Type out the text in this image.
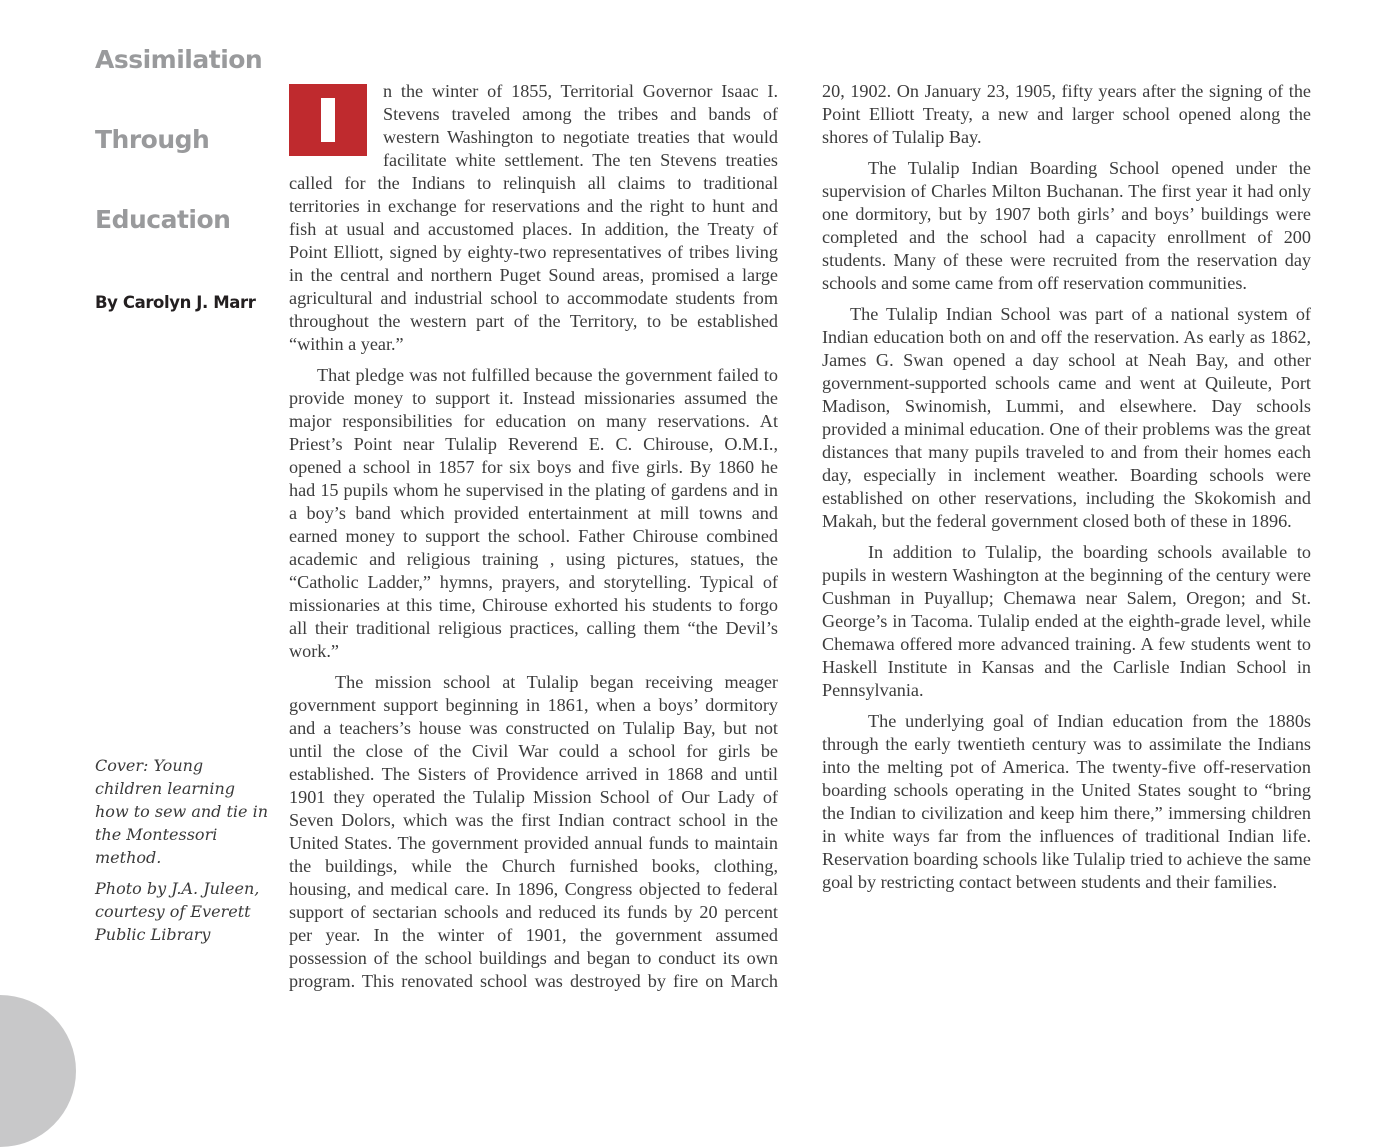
Assimilation
Through
Education
By Carolyn J. Marr

Cover: Young children learning how to sew and tie in the Montessori method.

Photo by J.A. Juleen, courtesy of Everett Public Library

n the winter of 1855, Territorial Governor Isaac I. Stevens traveled among the tribes and bands of western Washington to negotiate treaties that would facilitate white settlement. The ten Stevens treaties called for the Indians to relinquish all claims to traditional territories in exchange for reservations and the right to hunt and fish at usual and accustomed places. In addition, the Treaty of Point Elliott, signed by eighty-two representatives of tribes living in the central and northern Puget Sound areas, promised a large agricultural and industrial school to accommodate students from throughout the western part of the Territory, to be established “within a year.”

That pledge was not fulfilled because the government failed to provide money to support it. Instead missionaries assumed the major responsibilities for education on many reservations. At Priest’s Point near Tulalip Reverend E. C. Chirouse, O.M.I., opened a school in 1857 for six boys and five girls. By 1860 he had 15 pupils whom he supervised in the plating of gardens and in a boy’s band which provided entertainment at mill towns and earned money to support the school. Father Chirouse combined academic and religious training , using pictures, statues, the “Catholic Ladder,” hymns, prayers, and storytelling. Typical of missionaries at this time, Chirouse exhorted his students to forgo all their traditional religious practices, calling them “the Devil’s work.”

The mission school at Tulalip began receiving meager government support beginning in 1861, when a boys’ dormitory and a teachers’s house was constructed on Tulalip Bay, but not until the close of the Civil War could a school for girls be established. The Sisters of Providence arrived in 1868 and until 1901 they operated the Tulalip Mission School of Our Lady of Seven Dolors, which was the first Indian contract school in the United States. The government provided annual funds to maintain the buildings, while the Church furnished books, clothing, housing, and medical care. In 1896, Congress objected to federal support of sectarian schools and reduced its funds by 20 percent per year. In the winter of 1901, the government assumed possession of the school buildings and began to conduct its own program. This renovated school was destroyed by fire on March

20, 1902. On January 23, 1905, fifty years after the signing of the Point Elliott Treaty, a new and larger school opened along the shores of Tulalip Bay.

The Tulalip Indian Boarding School opened under the supervision of Charles Milton Buchanan. The first year it had only one dormitory, but by 1907 both girls’ and boys’ buildings were completed and the school had a capacity enrollment of 200 students. Many of these were recruited from the reservation day schools and some came from off reservation communities.

The Tulalip Indian School was part of a national system of Indian education both on and off the reservation. As early as 1862, James G. Swan opened a day school at Neah Bay, and other government-supported schools came and went at Quileute, Port Madison, Swinomish, Lummi, and elsewhere. Day schools provided a minimal education. One of their problems was the great distances that many pupils traveled to and from their homes each day, especially in inclement weather. Boarding schools were established on other reservations, including the Skokomish and Makah, but the federal government closed both of these in 1896.

In addition to Tulalip, the boarding schools available to pupils in western Washington at the beginning of the century were Cushman in Puyallup; Chemawa near Salem, Oregon; and St. George’s in Tacoma. Tulalip ended at the eighth-grade level, while Chemawa offered more advanced training. A few students went to Haskell Institute in Kansas and the Carlisle Indian School in Pennsylvania.

The underlying goal of Indian education from the 1880s through the early twentieth century was to assimilate the Indians into the melting pot of America. The twenty-five off-reservation boarding schools operating in the United States sought to “bring the Indian to civilization and keep him there,” immersing children in white ways far from the influences of traditional Indian life. Reservation boarding schools like Tulalip tried to achieve the same goal by restricting contact between students and their families.
